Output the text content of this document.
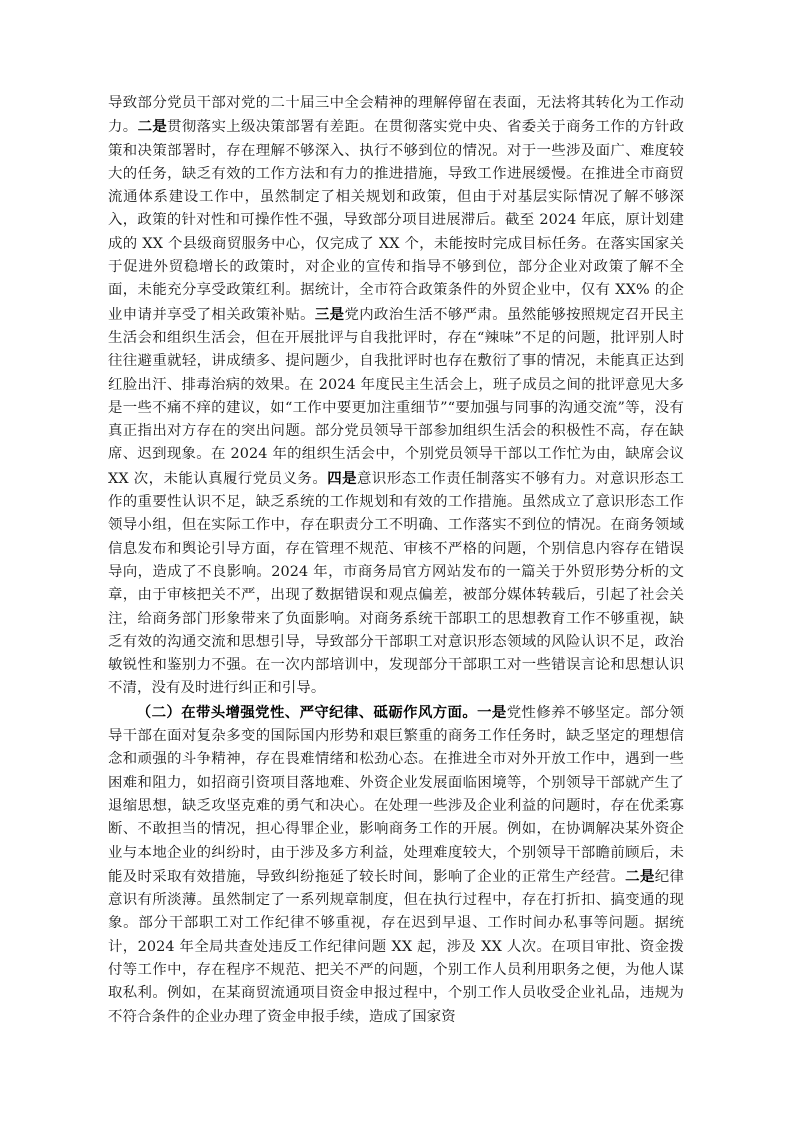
导致部分党员干部对党的二十届三中全会精神的理解停留在表面，无法将其转化为工作动力。二是贯彻落实上级决策部署有差距。在贯彻落实党中央、省委关于商务工作的方针政策和决策部署时，存在理解不够深入、执行不够到位的情况。对于一些涉及面广、难度较大的任务，缺乏有效的工作方法和有力的推进措施，导致工作进展缓慢。在推进全市商贸流通体系建设工作中，虽然制定了相关规划和政策，但由于对基层实际情况了解不够深入，政策的针对性和可操作性不强，导致部分项目进展滞后。截至 2024 年底，原计划建成的 XX 个县级商贸服务中心，仅完成了 XX 个，未能按时完成目标任务。在落实国家关于促进外贸稳增长的政策时，对企业的宣传和指导不够到位，部分企业对政策了解不全面，未能充分享受政策红利。据统计，全市符合政策条件的外贸企业中，仅有 XX% 的企业申请并享受了相关政策补贴。三是党内政治生活不够严肃。虽然能够按照规定召开民主生活会和组织生活会，但在开展批评与自我批评时，存在“辣味”不足的问题，批评别人时往往避重就轻，讲成绩多、提问题少，自我批评时也存在敷衍了事的情况，未能真正达到红脸出汗、排毒治病的效果。在 2024 年度民主生活会上，班子成员之间的批评意见大多是一些不痛不痒的建议，如“工作中要更加注重细节”“要加强与同事的沟通交流”等，没有真正指出对方存在的突出问题。部分党员领导干部参加组织生活会的积极性不高，存在缺席、迟到现象。在 2024 年的组织生活会中，个别党员领导干部以工作忙为由，缺席会议 XX 次，未能认真履行党员义务。四是意识形态工作责任制落实不够有力。对意识形态工作的重要性认识不足，缺乏系统的工作规划和有效的工作措施。虽然成立了意识形态工作领导小组，但在实际工作中，存在职责分工不明确、工作落实不到位的情况。在商务领域信息发布和舆论引导方面，存在管理不规范、审核不严格的问题，个别信息内容存在错误导向，造成了不良影响。2024 年，市商务局官方网站发布的一篇关于外贸形势分析的文章，由于审核把关不严，出现了数据错误和观点偏差，被部分媒体转载后，引起了社会关注，给商务部门形象带来了负面影响。对商务系统干部职工的思想教育工作不够重视，缺乏有效的沟通交流和思想引导，导致部分干部职工对意识形态领域的风险认识不足，政治敏锐性和鉴别力不强。在一次内部培训中，发现部分干部职工对一些错误言论和思想认识不清，没有及时进行纠正和引导。

（二）在带头增强党性、严守纪律、砥砺作风方面。一是党性修养不够坚定。部分领导干部在面对复杂多变的国际国内形势和艰巨繁重的商务工作任务时，缺乏坚定的理想信念和顽强的斗争精神，存在畏难情绪和松劲心态。在推进全市对外开放工作中，遇到一些困难和阻力，如招商引资项目落地难、外资企业发展面临困境等，个别领导干部就产生了退缩思想，缺乏攻坚克难的勇气和决心。在处理一些涉及企业利益的问题时，存在优柔寡断、不敢担当的情况，担心得罪企业，影响商务工作的开展。例如，在协调解决某外资企业与本地企业的纠纷时，由于涉及多方利益，处理难度较大，个别领导干部瞻前顾后，未能及时采取有效措施，导致纠纷拖延了较长时间，影响了企业的正常生产经营。二是纪律意识有所淡薄。虽然制定了一系列规章制度，但在执行过程中，存在打折扣、搞变通的现象。部分干部职工对工作纪律不够重视，存在迟到早退、工作时间办私事等问题。据统计，2024 年全局共查处违反工作纪律问题 XX 起，涉及 XX 人次。在项目审批、资金拨付等工作中，存在程序不规范、把关不严的问题，个别工作人员利用职务之便，为他人谋取私利。例如，在某商贸流通项目资金申报过程中，个别工作人员收受企业礼品，违规为不符合条件的企业办理了资金申报手续，造成了国家资
